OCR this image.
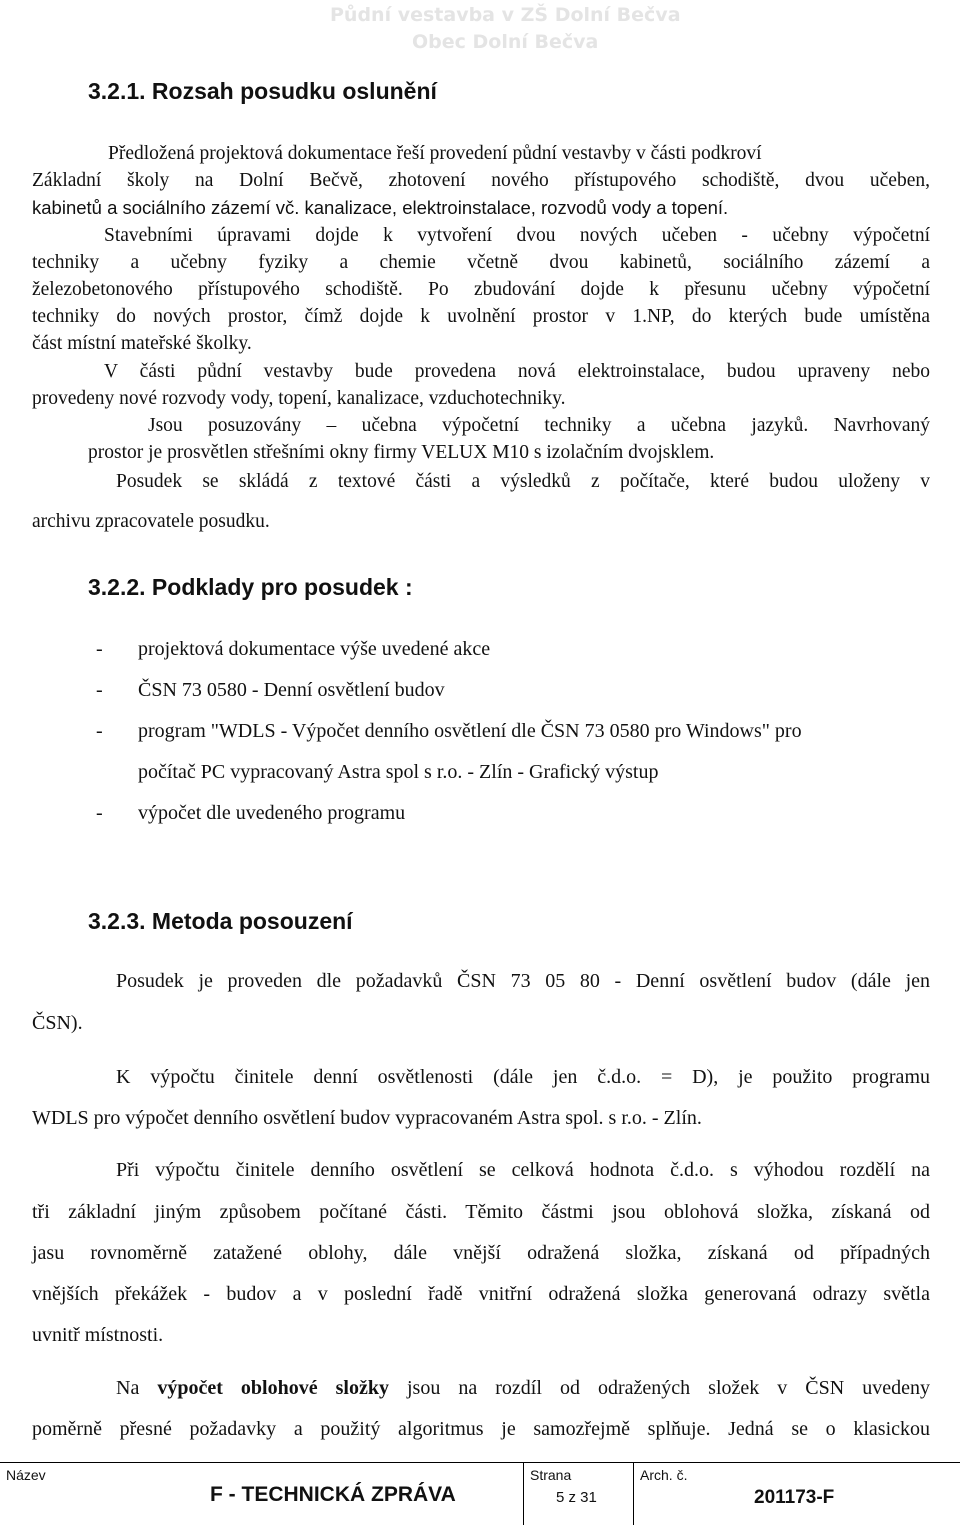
Půdní vestavba v ZŠ Dolní Bečva
Obec Dolní Bečva
3.2.1. Rozsah posudku oslunění
Předložená projektová dokumentace řeší provedení půdní vestavby v části podkroví
Základní školy na Dolní Bečvě, zhotovení nového přístupového schodiště, dvou učeben,
kabinetů a sociálního zázemí vč. kanalizace, elektroinstalace, rozvodů vody a topení.
Stavebními úpravami dojde k vytvoření dvou nových učeben - učebny výpočetní
techniky a učebny fyziky a chemie včetně dvou kabinetů, sociálního zázemí a
železobetonového přístupového schodiště. Po zbudování dojde k přesunu učebny výpočetní
techniky do nových prostor, čímž dojde k uvolnění prostor v 1.NP, do kterých bude umístěna
část místní mateřské školky.
V části půdní vestavby bude provedena nová elektroinstalace, budou upraveny nebo
provedeny nové rozvody vody, topení, kanalizace, vzduchotechniky.
Jsou posuzovány – učebna výpočetní techniky a učebna jazyků. Navrhovaný
prostor je prosvětlen střešními okny firmy VELUX M10 s izolačním dvojsklem.
Posudek se skládá z textové části a výsledků z počítače, které budou uloženy v
archivu zpracovatele posudku.
3.2.2. Podklady pro posudek :
- projektová dokumentace výše uvedené akce
- ČSN 73 0580 - Denní osvětlení budov
- program "WDLS - Výpočet denního osvětlení dle ČSN 73 0580 pro Windows" pro
počítač PC vypracovaný Astra spol s r.o. - Zlín - Grafický výstup
- výpočet dle uvedeného programu
3.2.3. Metoda posouzení
Posudek je proveden dle požadavků ČSN 73 05 80 - Denní osvětlení budov (dále jen
ČSN).
K výpočtu činitele denní osvětlenosti (dále jen č.d.o. = D), je použito programu
WDLS pro výpočet denního osvětlení budov vypracovaném Astra spol. s r.o. - Zlín.
Při výpočtu činitele denního osvětlení se celková hodnota č.d.o. s výhodou rozdělí na
tři základní jiným způsobem počítané části. Těmito částmi jsou oblohová složka, získaná od
jasu rovnoměrně zatažené oblohy, dále vnější odražená složka, získaná od případných
vnějších překážek - budov a v poslední řadě vnitřní odražená složka generovaná odrazy světla
uvnitř místnosti.
Na výpočet oblohové složky jsou na rozdíl od odražených složek v ČSN uvedeny
poměrně přesné požadavky a použitý algoritmus je samozřejmě splňuje. Jedná se o klasickou
Název
F - TECHNICKÁ ZPRÁVA
Strana
5 z 31
Arch. č.
201173-F
